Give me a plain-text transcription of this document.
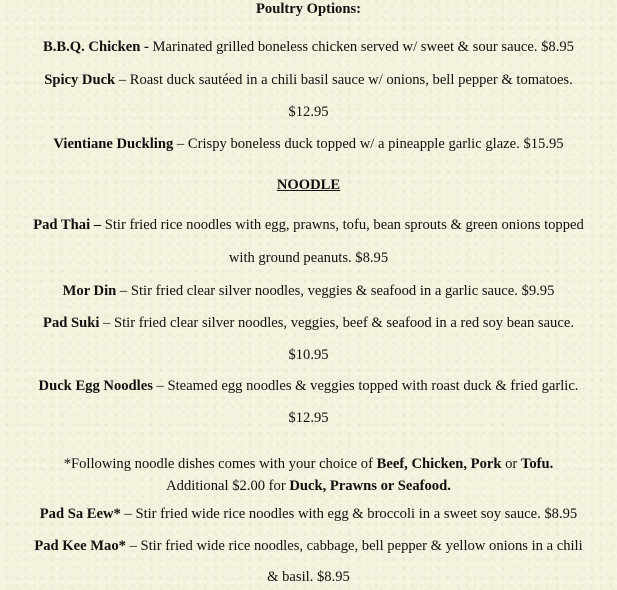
Poultry Options:
B.B.Q. Chicken - Marinated grilled boneless chicken served w/ sweet & sour sauce. $8.95
Spicy Duck – Roast duck sautéed in a chili basil sauce w/ onions, bell pepper & tomatoes.
$12.95
Vientiane Duckling – Crispy boneless duck topped w/ a pineapple garlic glaze. $15.95
NOODLE
Pad Thai – Stir fried rice noodles with egg, prawns, tofu, bean sprouts & green onions topped
with ground peanuts. $8.95
Mor Din – Stir fried clear silver noodles, veggies & seafood in a garlic sauce. $9.95
Pad Suki – Stir fried clear silver noodles, veggies, beef & seafood in a red soy bean sauce.
$10.95
Duck Egg Noodles – Steamed egg noodles & veggies topped with roast duck & fried garlic.
$12.95
*Following noodle dishes comes with your choice of Beef, Chicken, Pork or Tofu.
Additional $2.00 for Duck, Prawns or Seafood.
Pad Sa Eew* – Stir fried wide rice noodles with egg & broccoli in a sweet soy sauce. $8.95
Pad Kee Mao* – Stir fried wide rice noodles, cabbage, bell pepper & yellow onions in a chili
& basil. $8.95
